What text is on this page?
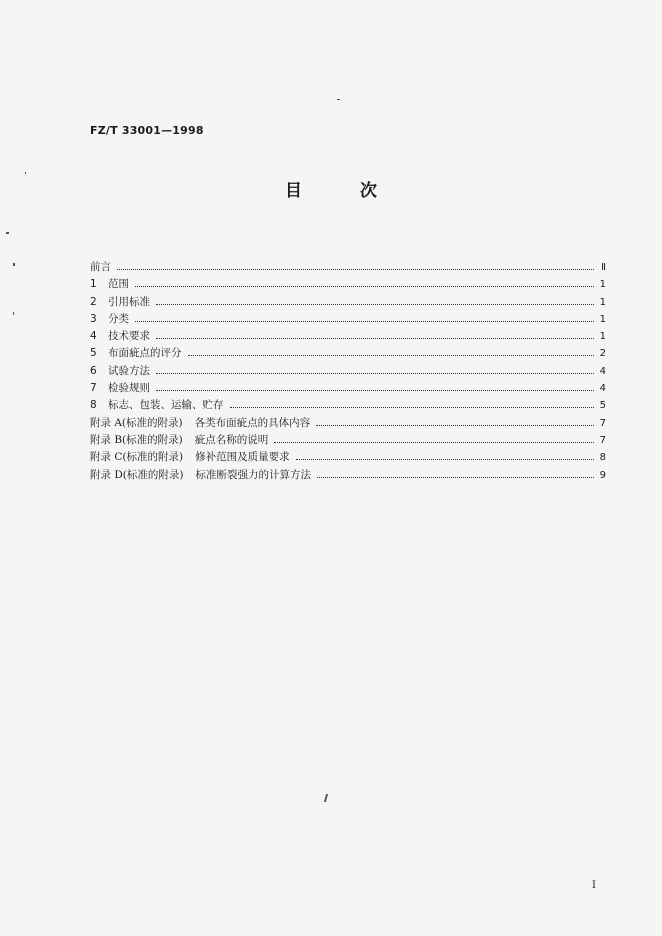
FZ/T 33001—1998
目	次
前言	Ⅱ
1	范围	1
2	引用标准	1
3	分类	1
4	技术要求	1
5	布面疵点的评分	2
6	试验方法	4
7	检验规则	4
8	标志、包装、运输、贮存	5
附录 A(标准的附录) 各类布面疵点的具体内容	7
附录 B(标准的附录) 疵点名称的说明	7
附录 C(标准的附录) 修补范围及质量要求	8
附录 D(标准的附录) 标准断裂强力的计算方法	9
I
